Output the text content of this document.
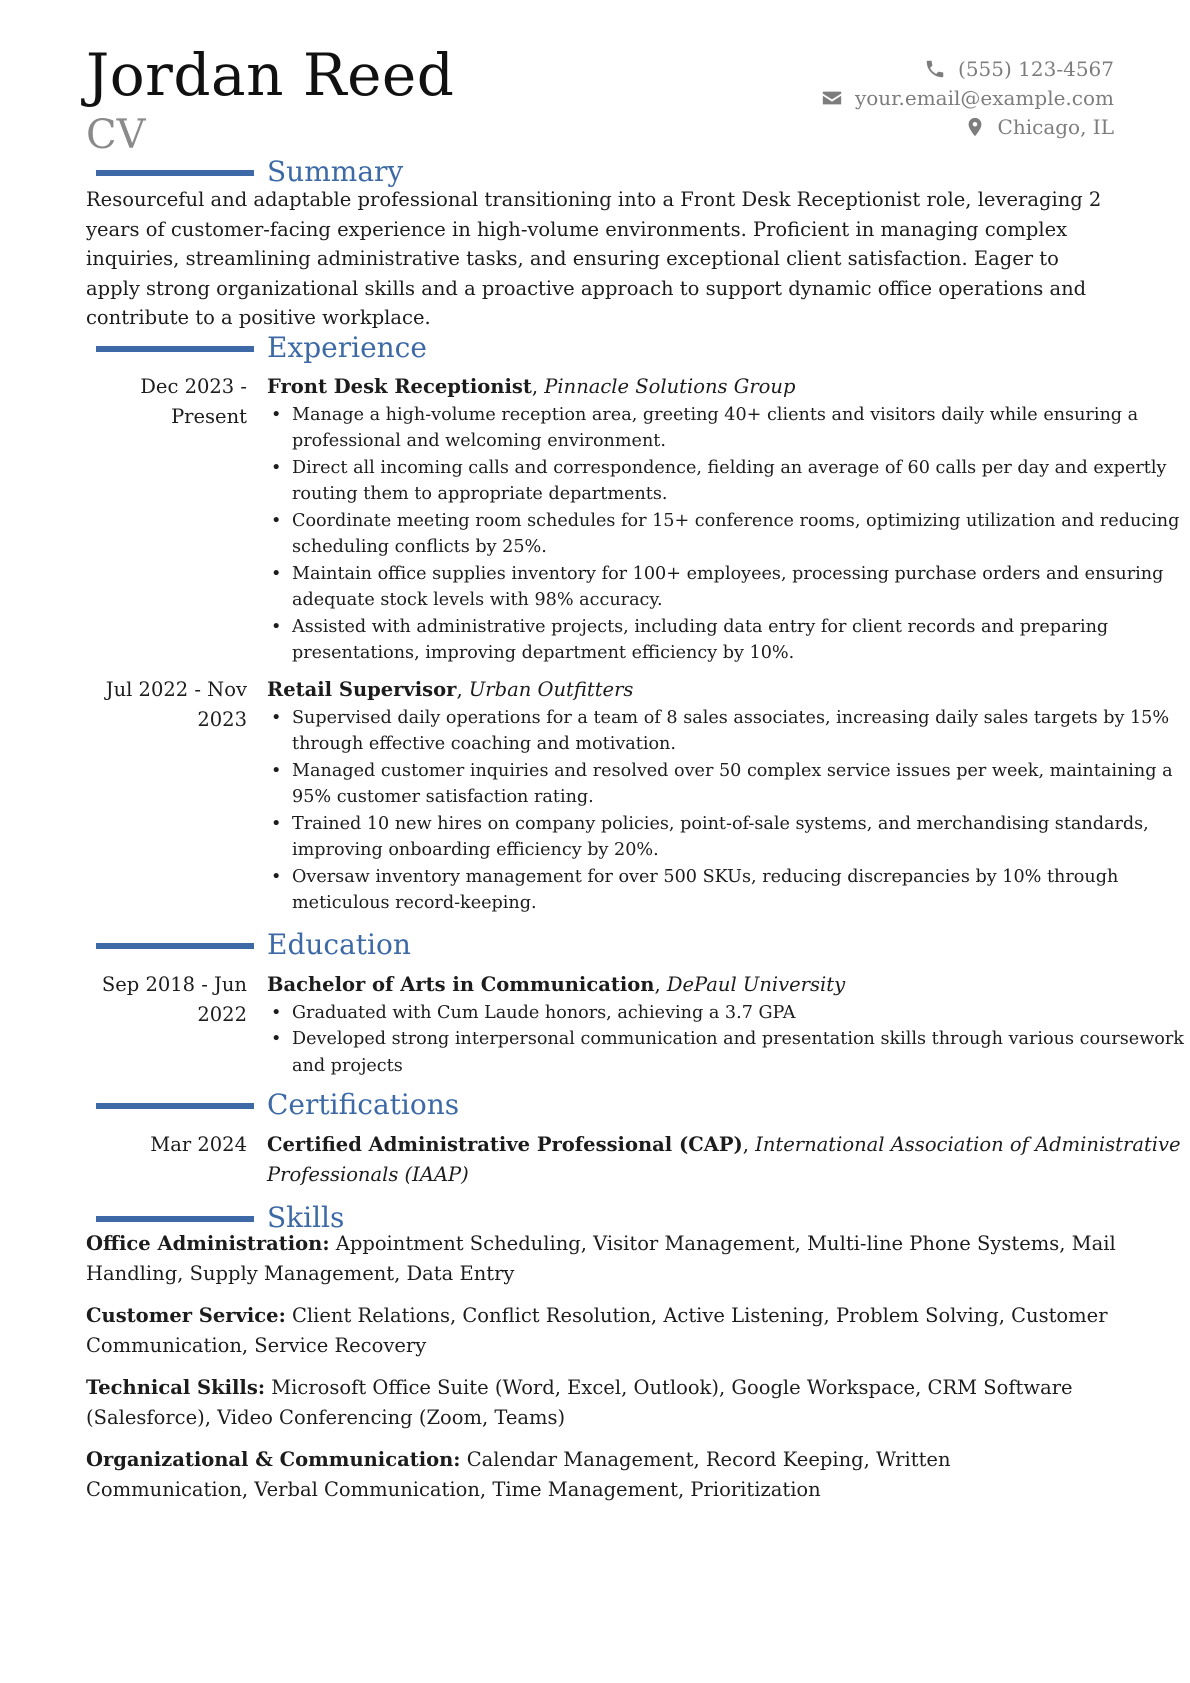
Jordan Reed
CV
(555) 123-4567
your.email@example.com
Chicago, IL
Summary
Resourceful and adaptable professional transitioning into a Front Desk Receptionist role, leveraging 2 years of customer-facing experience in high-volume environments. Proficient in managing complex inquiries, streamlining administrative tasks, and ensuring exceptional client satisfaction. Eager to apply strong organizational skills and a proactive approach to support dynamic office operations and contribute to a positive workplace.
Experience
Dec 2023 - Present
Front Desk Receptionist, Pinnacle Solutions Group
• Manage a high-volume reception area, greeting 40+ clients and visitors daily while ensuring a professional and welcoming environment.
• Direct all incoming calls and correspondence, fielding an average of 60 calls per day and expertly routing them to appropriate departments.
• Coordinate meeting room schedules for 15+ conference rooms, optimizing utilization and reducing scheduling conflicts by 25%.
• Maintain office supplies inventory for 100+ employees, processing purchase orders and ensuring adequate stock levels with 98% accuracy.
• Assisted with administrative projects, including data entry for client records and preparing presentations, improving department efficiency by 10%.
Jul 2022 - Nov 2023
Retail Supervisor, Urban Outfitters
• Supervised daily operations for a team of 8 sales associates, increasing daily sales targets by 15% through effective coaching and motivation.
• Managed customer inquiries and resolved over 50 complex service issues per week, maintaining a 95% customer satisfaction rating.
• Trained 10 new hires on company policies, point-of-sale systems, and merchandising standards, improving onboarding efficiency by 20%.
• Oversaw inventory management for over 500 SKUs, reducing discrepancies by 10% through meticulous record-keeping.
Education
Sep 2018 - Jun 2022
Bachelor of Arts in Communication, DePaul University
• Graduated with Cum Laude honors, achieving a 3.7 GPA
• Developed strong interpersonal communication and presentation skills through various coursework and projects
Certifications
Mar 2024 Certified Administrative Professional (CAP), International Association of Administrative Professionals (IAAP)
Skills
Office Administration: Appointment Scheduling, Visitor Management, Multi-line Phone Systems, Mail Handling, Supply Management, Data Entry
Customer Service: Client Relations, Conflict Resolution, Active Listening, Problem Solving, Customer Communication, Service Recovery
Technical Skills: Microsoft Office Suite (Word, Excel, Outlook), Google Workspace, CRM Software (Salesforce), Video Conferencing (Zoom, Teams)
Organizational & Communication: Calendar Management, Record Keeping, Written Communication, Verbal Communication, Time Management, Prioritization
